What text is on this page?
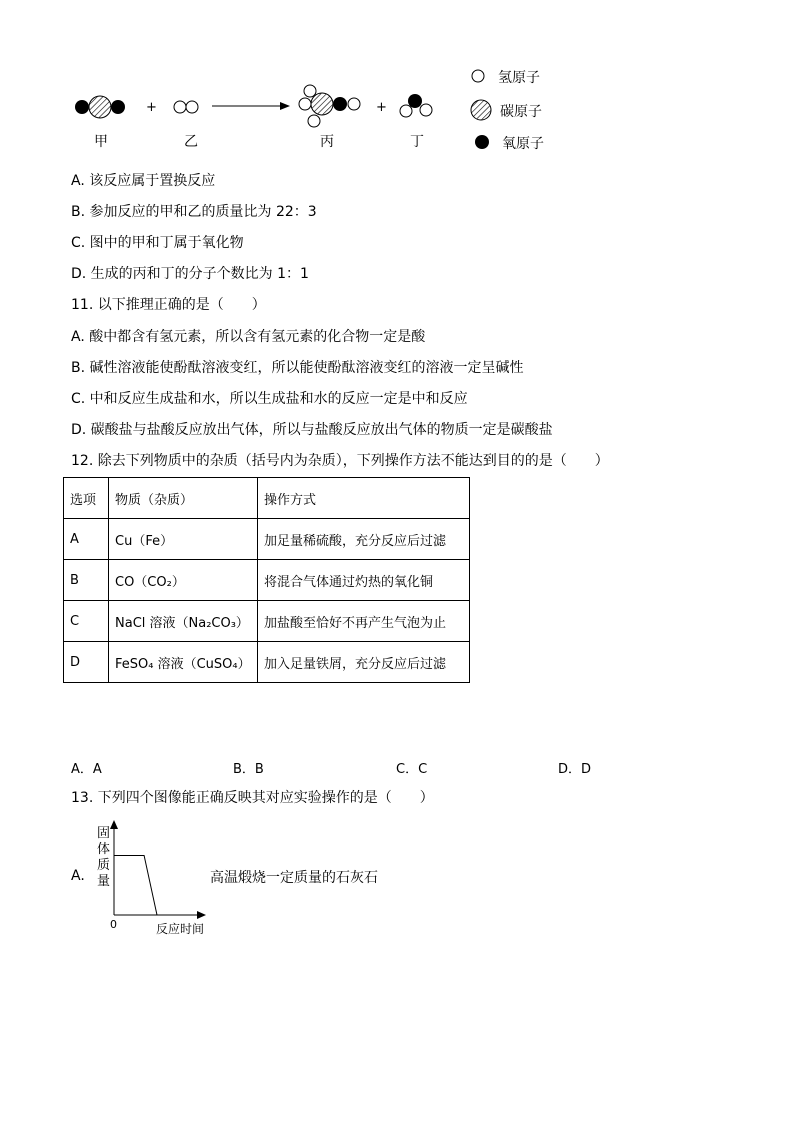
+	+
甲	乙	丙	丁
氢原子
碳原子
氧原子
A. 该反应属于置换反应
B. 参加反应的甲和乙的质量比为 22：3
C. 图中的甲和丁属于氧化物
D. 生成的丙和丁的分子个数比为 1：1
11. 以下推理正确的是（　　）
A. 酸中都含有氢元素，所以含有氢元素的化合物一定是酸
B. 碱性溶液能使酚酞溶液变红，所以能使酚酞溶液变红的溶液一定呈碱性
C. 中和反应生成盐和水，所以生成盐和水的反应一定是中和反应
D. 碳酸盐与盐酸反应放出气体，所以与盐酸反应放出气体的物质一定是碳酸盐
12. 除去下列物质中的杂质（括号内为杂质），下列操作方法不能达到目的的是（　　）
选项	物质（杂质）	操作方式
A	Cu（Fe）	加足量稀硫酸，充分反应后过滤
B	CO（CO₂）	将混合气体通过灼热的氧化铜
C	NaCl 溶液（Na₂CO₃）	加盐酸至恰好不再产生气泡为止
D	FeSO₄ 溶液（CuSO₄）	加入足量铁屑，充分反应后过滤
A．A	B．B	C．C	D．D
13. 下列四个图像能正确反映其对应实验操作的是（　　）
A.
固体质量
0	反应时间
高温煅烧一定质量的石灰石
